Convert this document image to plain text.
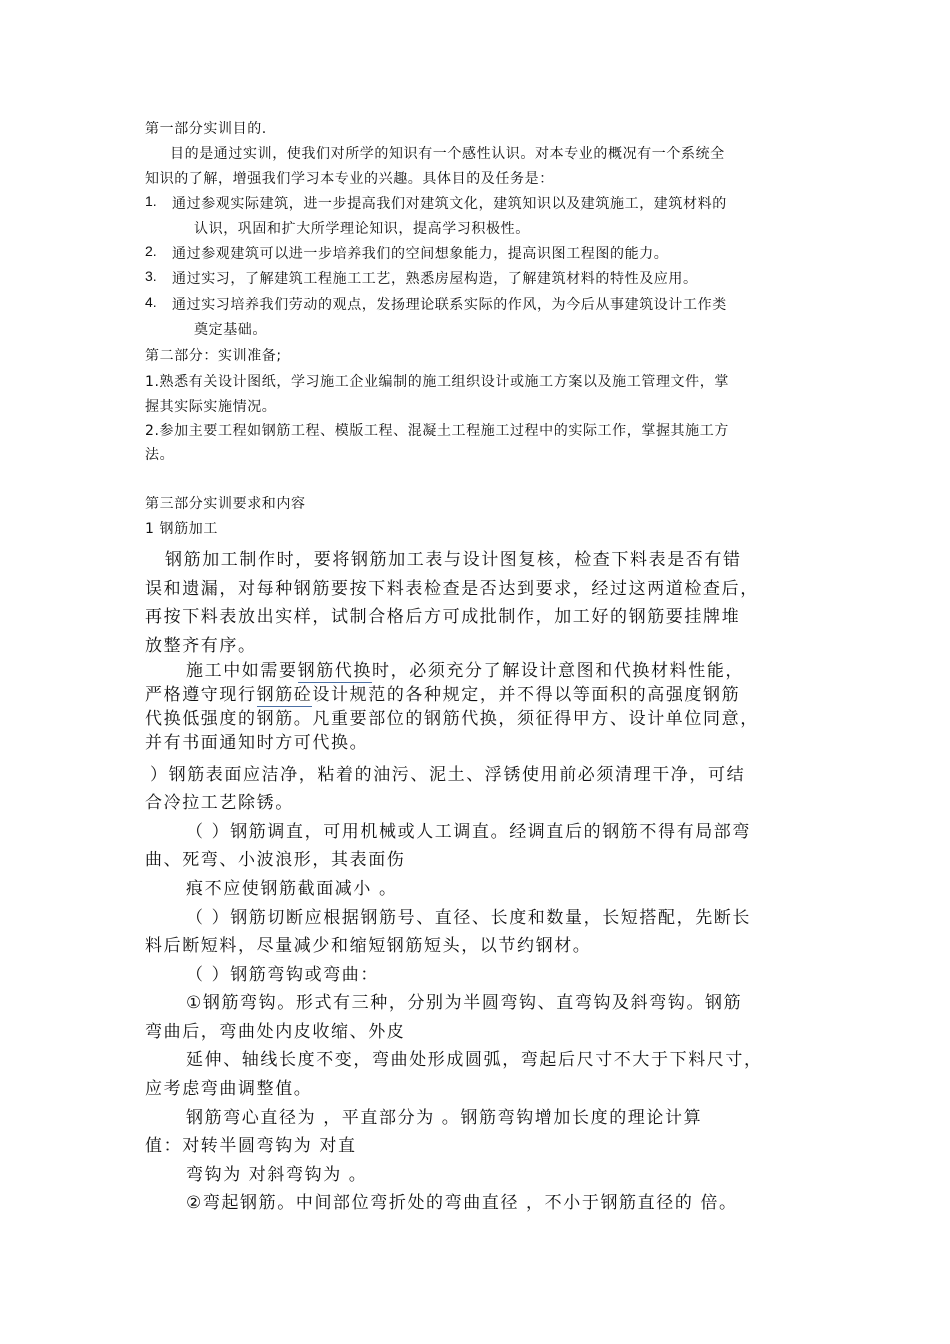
第一部分实训目的.
目的是通过实训，使我们对所学的知识有一个感性认识。对本专业的概况有一个系统全
知识的了解，增强我们学习本专业的兴趣。具体目的及任务是：
1. 通过参观实际建筑，进一步提高我们对建筑文化，建筑知识以及建筑施工，建筑材料的
认识，巩固和扩大所学理论知识，提高学习积极性。
2. 通过参观建筑可以进一步培养我们的空间想象能力，提高识图工程图的能力。
3. 通过实习，了解建筑工程施工工艺，熟悉房屋构造，了解建筑材料的特性及应用。
4. 通过实习培养我们劳动的观点，发扬理论联系实际的作风，为今后从事建筑设计工作类
奠定基础。
第二部分：实训准备;
1.熟悉有关设计图纸，学习施工企业编制的施工组织设计或施工方案以及施工管理文件，掌
握其实际实施情况。
2.参加主要工程如钢筋工程、模版工程、混凝土工程施工过程中的实际工作，掌握其施工方
法。
第三部分实训要求和内容
1 钢筋加工
钢筋加工制作时，要将钢筋加工表与设计图复核，检查下料表是否有错
误和遗漏，对每种钢筋要按下料表检查是否达到要求，经过这两道检查后，
再按下料表放出实样，试制合格后方可成批制作，加工好的钢筋要挂牌堆
放整齐有序。
施工中如需要钢筋代换时，必须充分了解设计意图和代换材料性能，
严格遵守现行钢筋砼设计规范的各种规定，并不得以等面积的高强度钢筋
代换低强度的钢筋。凡重要部位的钢筋代换，须征得甲方、设计单位同意，
并有书面通知时方可代换。
）钢筋表面应洁净，粘着的油污、泥土、浮锈使用前必须清理干净，可结
合冷拉工艺除锈。
（ ）钢筋调直，可用机械或人工调直。经调直后的钢筋不得有局部弯
曲、死弯、小波浪形，其表面伤
痕不应使钢筋截面减小 。
（ ）钢筋切断应根据钢筋号、直径、长度和数量，长短搭配，先断长
料后断短料，尽量减少和缩短钢筋短头，以节约钢材。
（ ）钢筋弯钩或弯曲：
①钢筋弯钩。形式有三种，分别为半圆弯钩、直弯钩及斜弯钩。钢筋
弯曲后，弯曲处内皮收缩、外皮
延伸、轴线长度不变，弯曲处形成圆弧，弯起后尺寸不大于下料尺寸，
应考虑弯曲调整值。
钢筋弯心直径为 ，平直部分为 。钢筋弯钩增加长度的理论计算
值：对转半圆弯钩为 对直
弯钩为 对斜弯钩为 。
②弯起钢筋。中间部位弯折处的弯曲直径 ，不小于钢筋直径的 倍。
